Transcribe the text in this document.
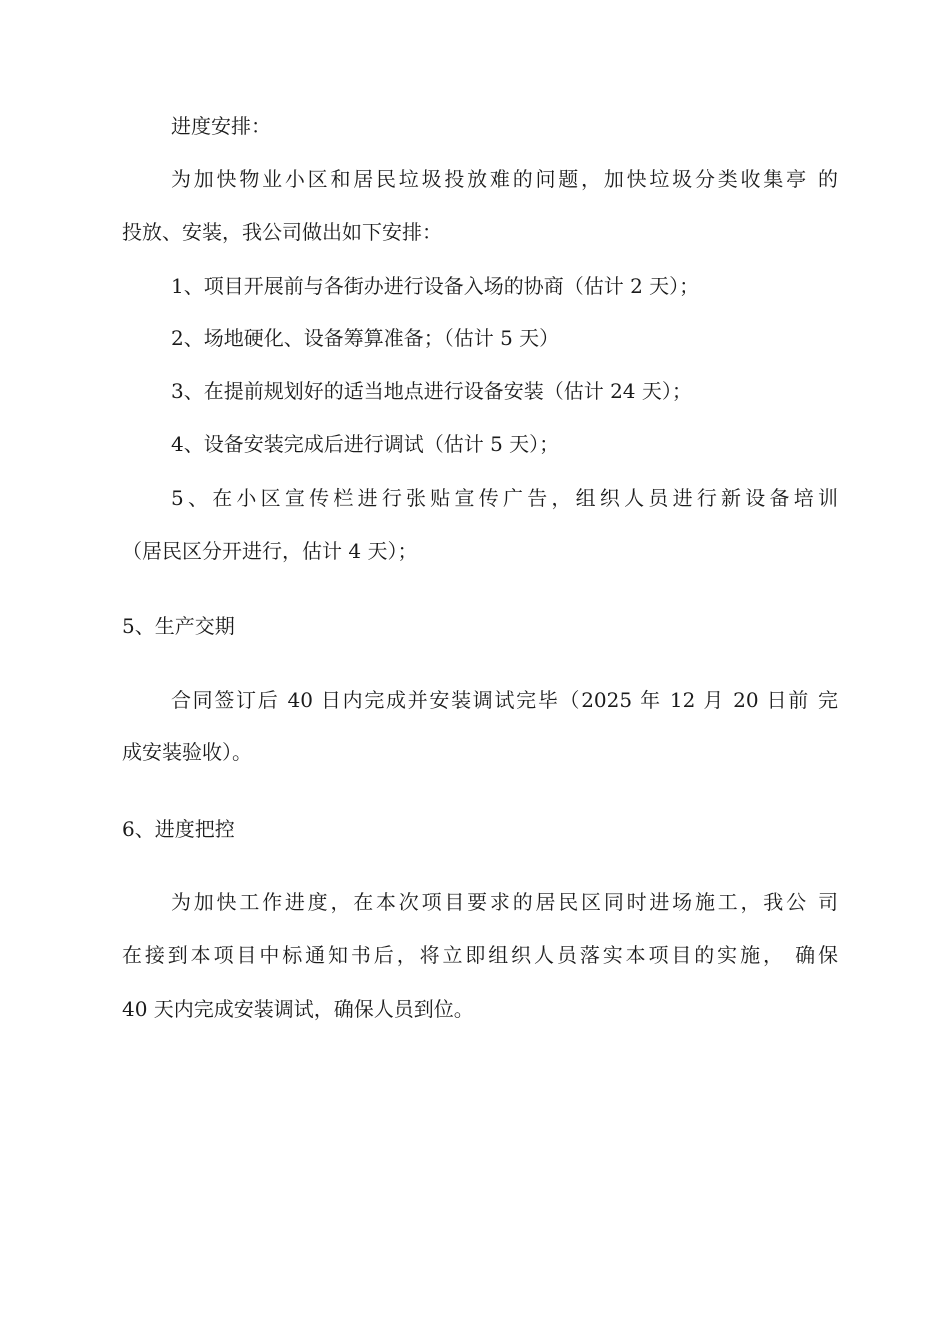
进度安排：

为加快物业小区和居民垃圾投放难的问题，加快垃圾分类收集亭 的

投放、安装，我公司做出如下安排：

1、项目开展前与各街办进行设备入场的协商（估计 2 天）；

2、场地硬化、设备筹算准备；（估计 5 天）

3、在提前规划好的适当地点进行设备安装（估计 24 天）；

4、设备安装完成后进行调试（估计 5 天）；

5、在小区宣传栏进行张贴宣传广告，组织人员进行新设备培训

（居民区分开进行，估计 4 天）；

5、生产交期

合同签订后 40 日内完成并安装调试完毕（2025 年 12 月 20 日前 完

成安装验收）。

6、进度把控

为加快工作进度，在本次项目要求的居民区同时进场施工，我公 司

在接到本项目中标通知书后，将立即组织人员落实本项目的实施， 确保

40 天内完成安装调试，确保人员到位。
